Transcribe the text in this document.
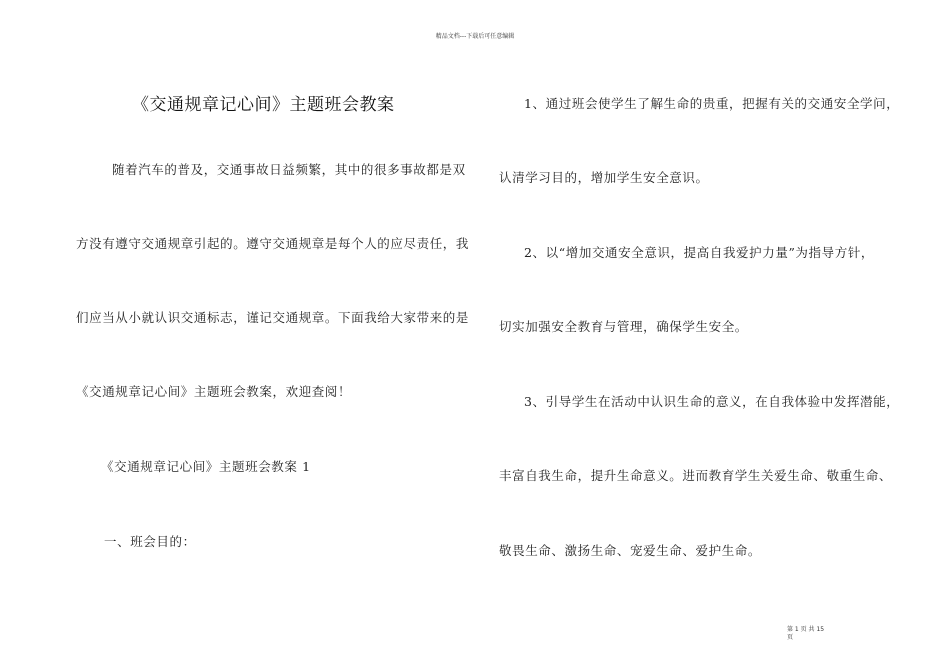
精品文档---下载后可任意编辑
《交通规章记心间》主题班会教案
随着汽车的普及，交通事故日益频繁，其中的很多事故都是双
方没有遵守交通规章引起的。遵守交通规章是每个人的应尽责任，我
们应当从小就认识交通标志，谨记交通规章。下面我给大家带来的是
《交通规章记心间》主题班会教案，欢迎查阅！
《交通规章记心间》主题班会教案 1
一、班会目的：
1、通过班会使学生了解生命的贵重，把握有关的交通安全学问，
认清学习目的，增加学生安全意识。
2、以“增加交通安全意识，提高自我爱护力量”为指导方针，
切实加强安全教育与管理，确保学生安全。
3、引导学生在活动中认识生命的意义，在自我体验中发挥潜能，
丰富自我生命，提升生命意义。进而教育学生关爱生命、敬重生命、
敬畏生命、激扬生命、宠爱生命、爱护生命。
第 1 页 共 15
页
